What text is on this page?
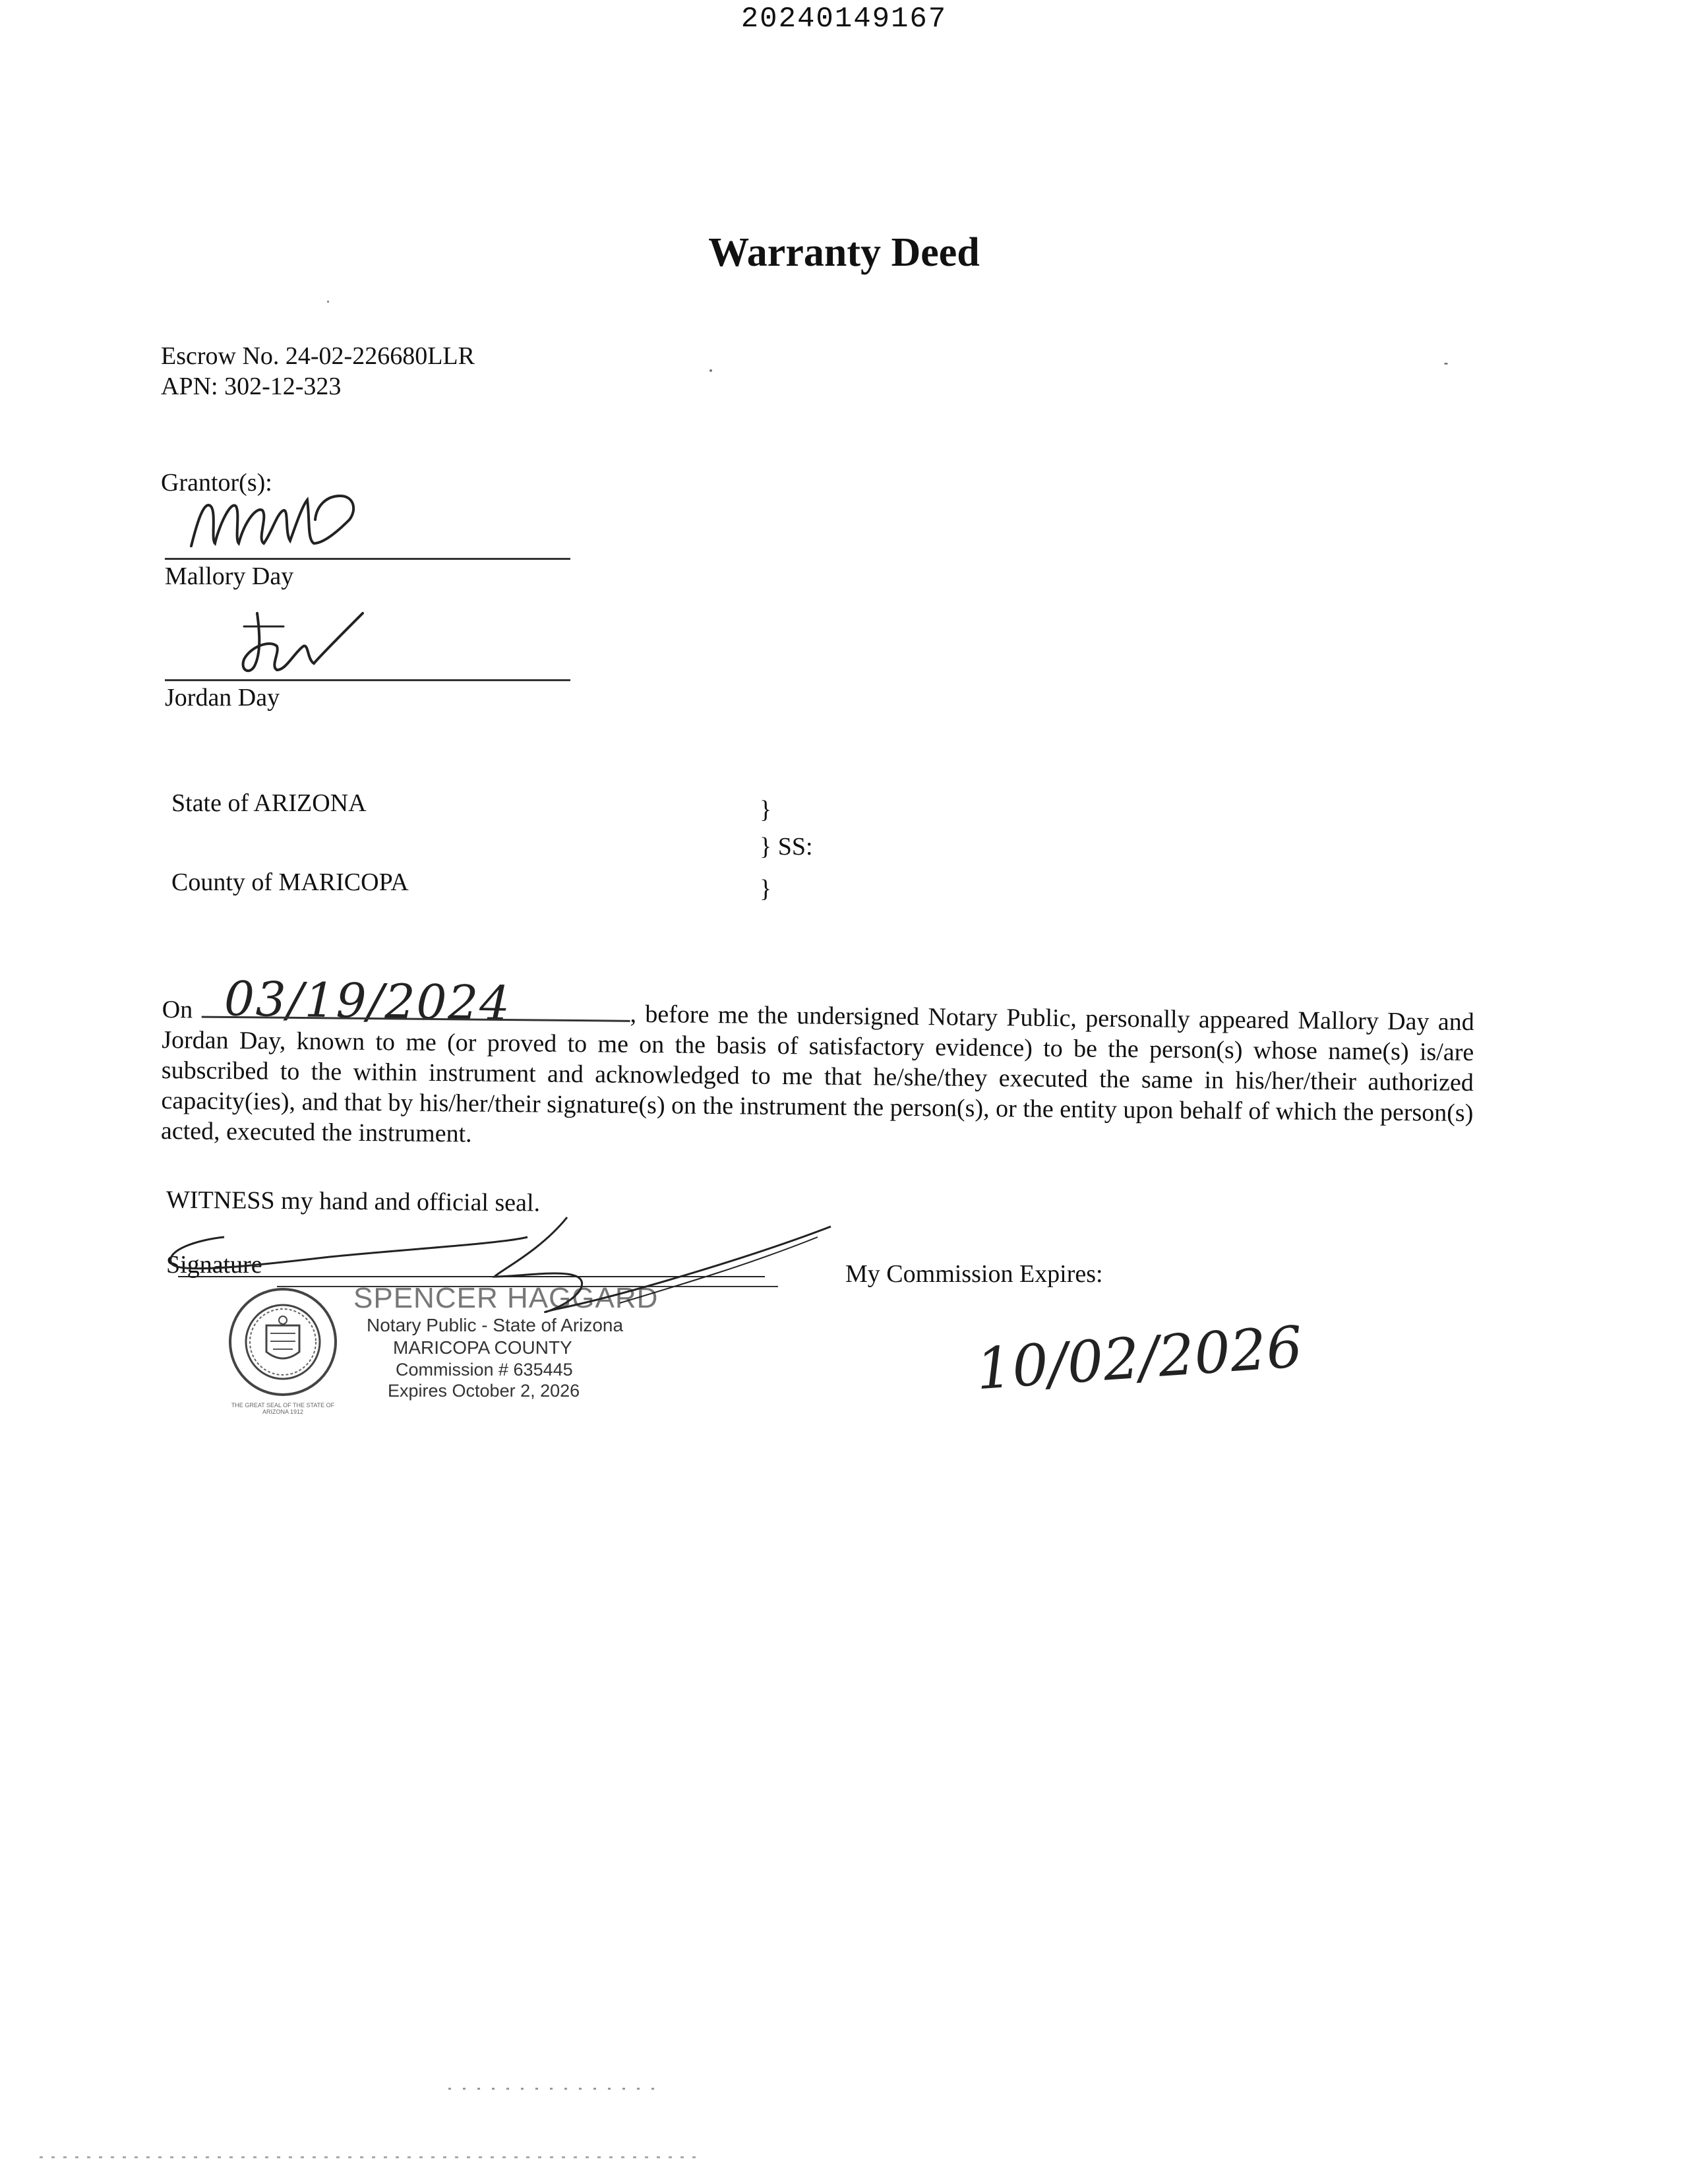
20240149167
Warranty Deed
Escrow No. 24-02-226680LLR
APN: 302-12-323
Grantor(s):
Mallory Day
Jordan Day
State of ARIZONA
County of MARICOPA
}
} SS:
}
03/19/2024
On	, before me the undersigned Notary Public, personally appeared Mallory Day and Jordan Day, known to me (or proved to me on the basis of satisfactory evidence) to be the person(s) whose name(s) is/are subscribed to the within instrument and acknowledged to me that he/she/they executed the same in his/her/their authorized capacity(ies), and that by his/her/their signature(s) on the instrument the person(s), or the entity upon behalf of which the person(s) acted, executed the instrument.
WITNESS my hand and official seal.
Signature	My Commission Expires:
10/02/2026
THE GREAT SEAL OF THE STATE OF ARIZONA 1912
SPENCER HAGGARD
Notary Public - State of Arizona
MARICOPA COUNTY
Commission # 635445
Expires October 2, 2026
